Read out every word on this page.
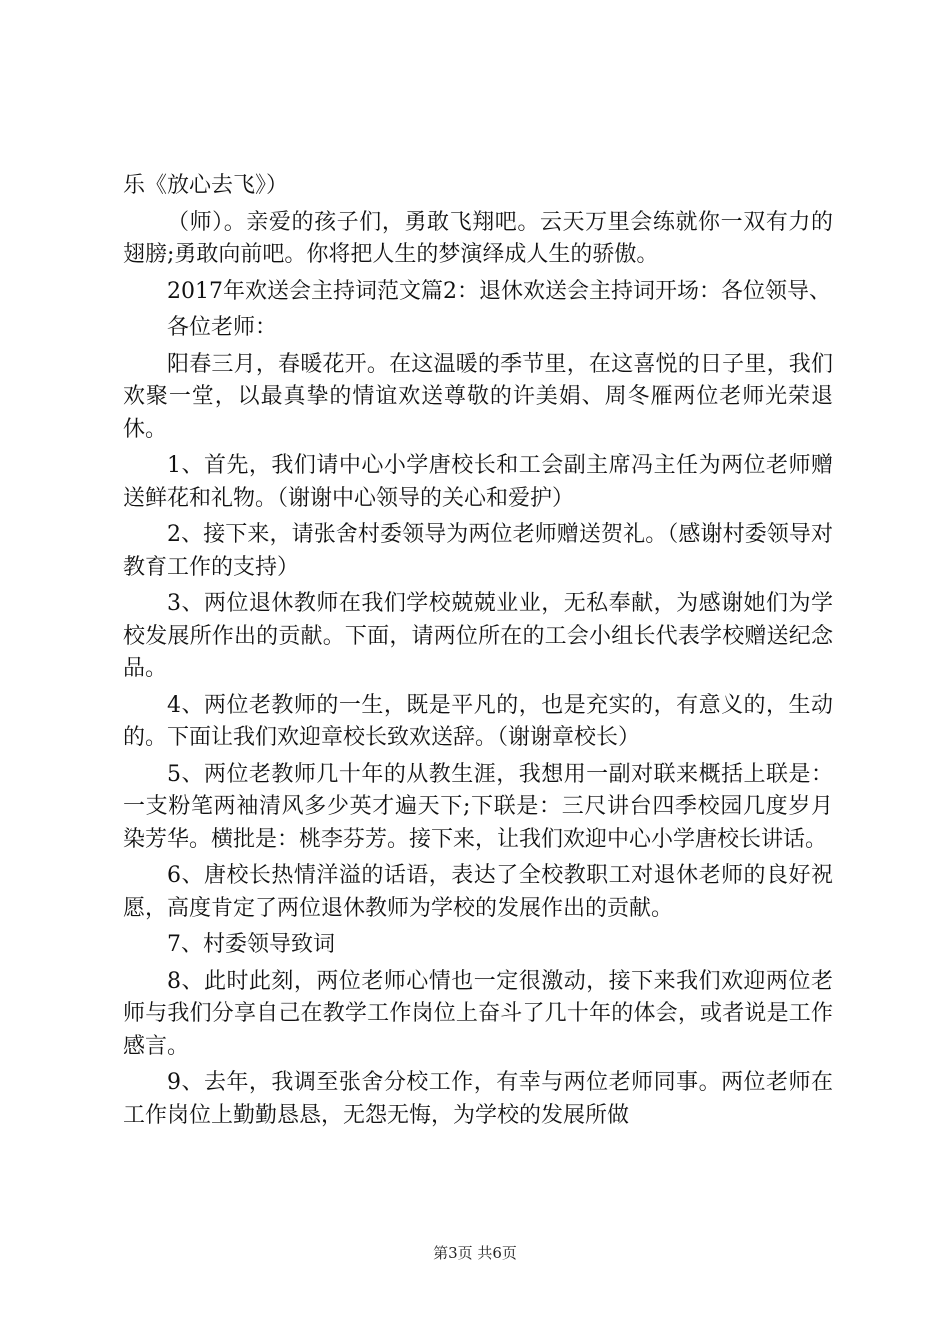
乐《放心去飞》）

（师）。亲爱的孩子们，勇敢飞翔吧。云天万里会练就你一双有力的翅膀;勇敢向前吧。你将把人生的梦演绎成人生的骄傲。

2017年欢送会主持词范文篇2：退休欢送会主持词开场：各位领导、

各位老师：

阳春三月，春暖花开。在这温暖的季节里，在这喜悦的日子里，我们欢聚一堂，以最真挚的情谊欢送尊敬的许美娟、周冬雁两位老师光荣退休。

1、首先，我们请中心小学唐校长和工会副主席冯主任为两位老师赠送鲜花和礼物。（谢谢中心领导的关心和爱护）

2、接下来，请张舍村委领导为两位老师赠送贺礼。（感谢村委领导对教育工作的支持）

3、两位退休教师在我们学校兢兢业业，无私奉献，为感谢她们为学校发展所作出的贡献。下面，请两位所在的工会小组长代表学校赠送纪念品。

4、两位老教师的一生，既是平凡的，也是充实的，有意义的，生动的。下面让我们欢迎章校长致欢送辞。（谢谢章校长）

5、两位老教师几十年的从教生涯，我想用一副对联来概括上联是：一支粉笔两袖清风多少英才遍天下;下联是：三尺讲台四季校园几度岁月染芳华。横批是：桃李芬芳。接下来，让我们欢迎中心小学唐校长讲话。

6、唐校长热情洋溢的话语，表达了全校教职工对退休老师的良好祝愿，高度肯定了两位退休教师为学校的发展作出的贡献。

7、村委领导致词

8、此时此刻，两位老师心情也一定很激动，接下来我们欢迎两位老师与我们分享自己在教学工作岗位上奋斗了几十年的体会，或者说是工作感言。

9、去年，我调至张舍分校工作，有幸与两位老师同事。两位老师在工作岗位上勤勤恳恳，无怨无悔，为学校的发展所做

第3页 共6页
